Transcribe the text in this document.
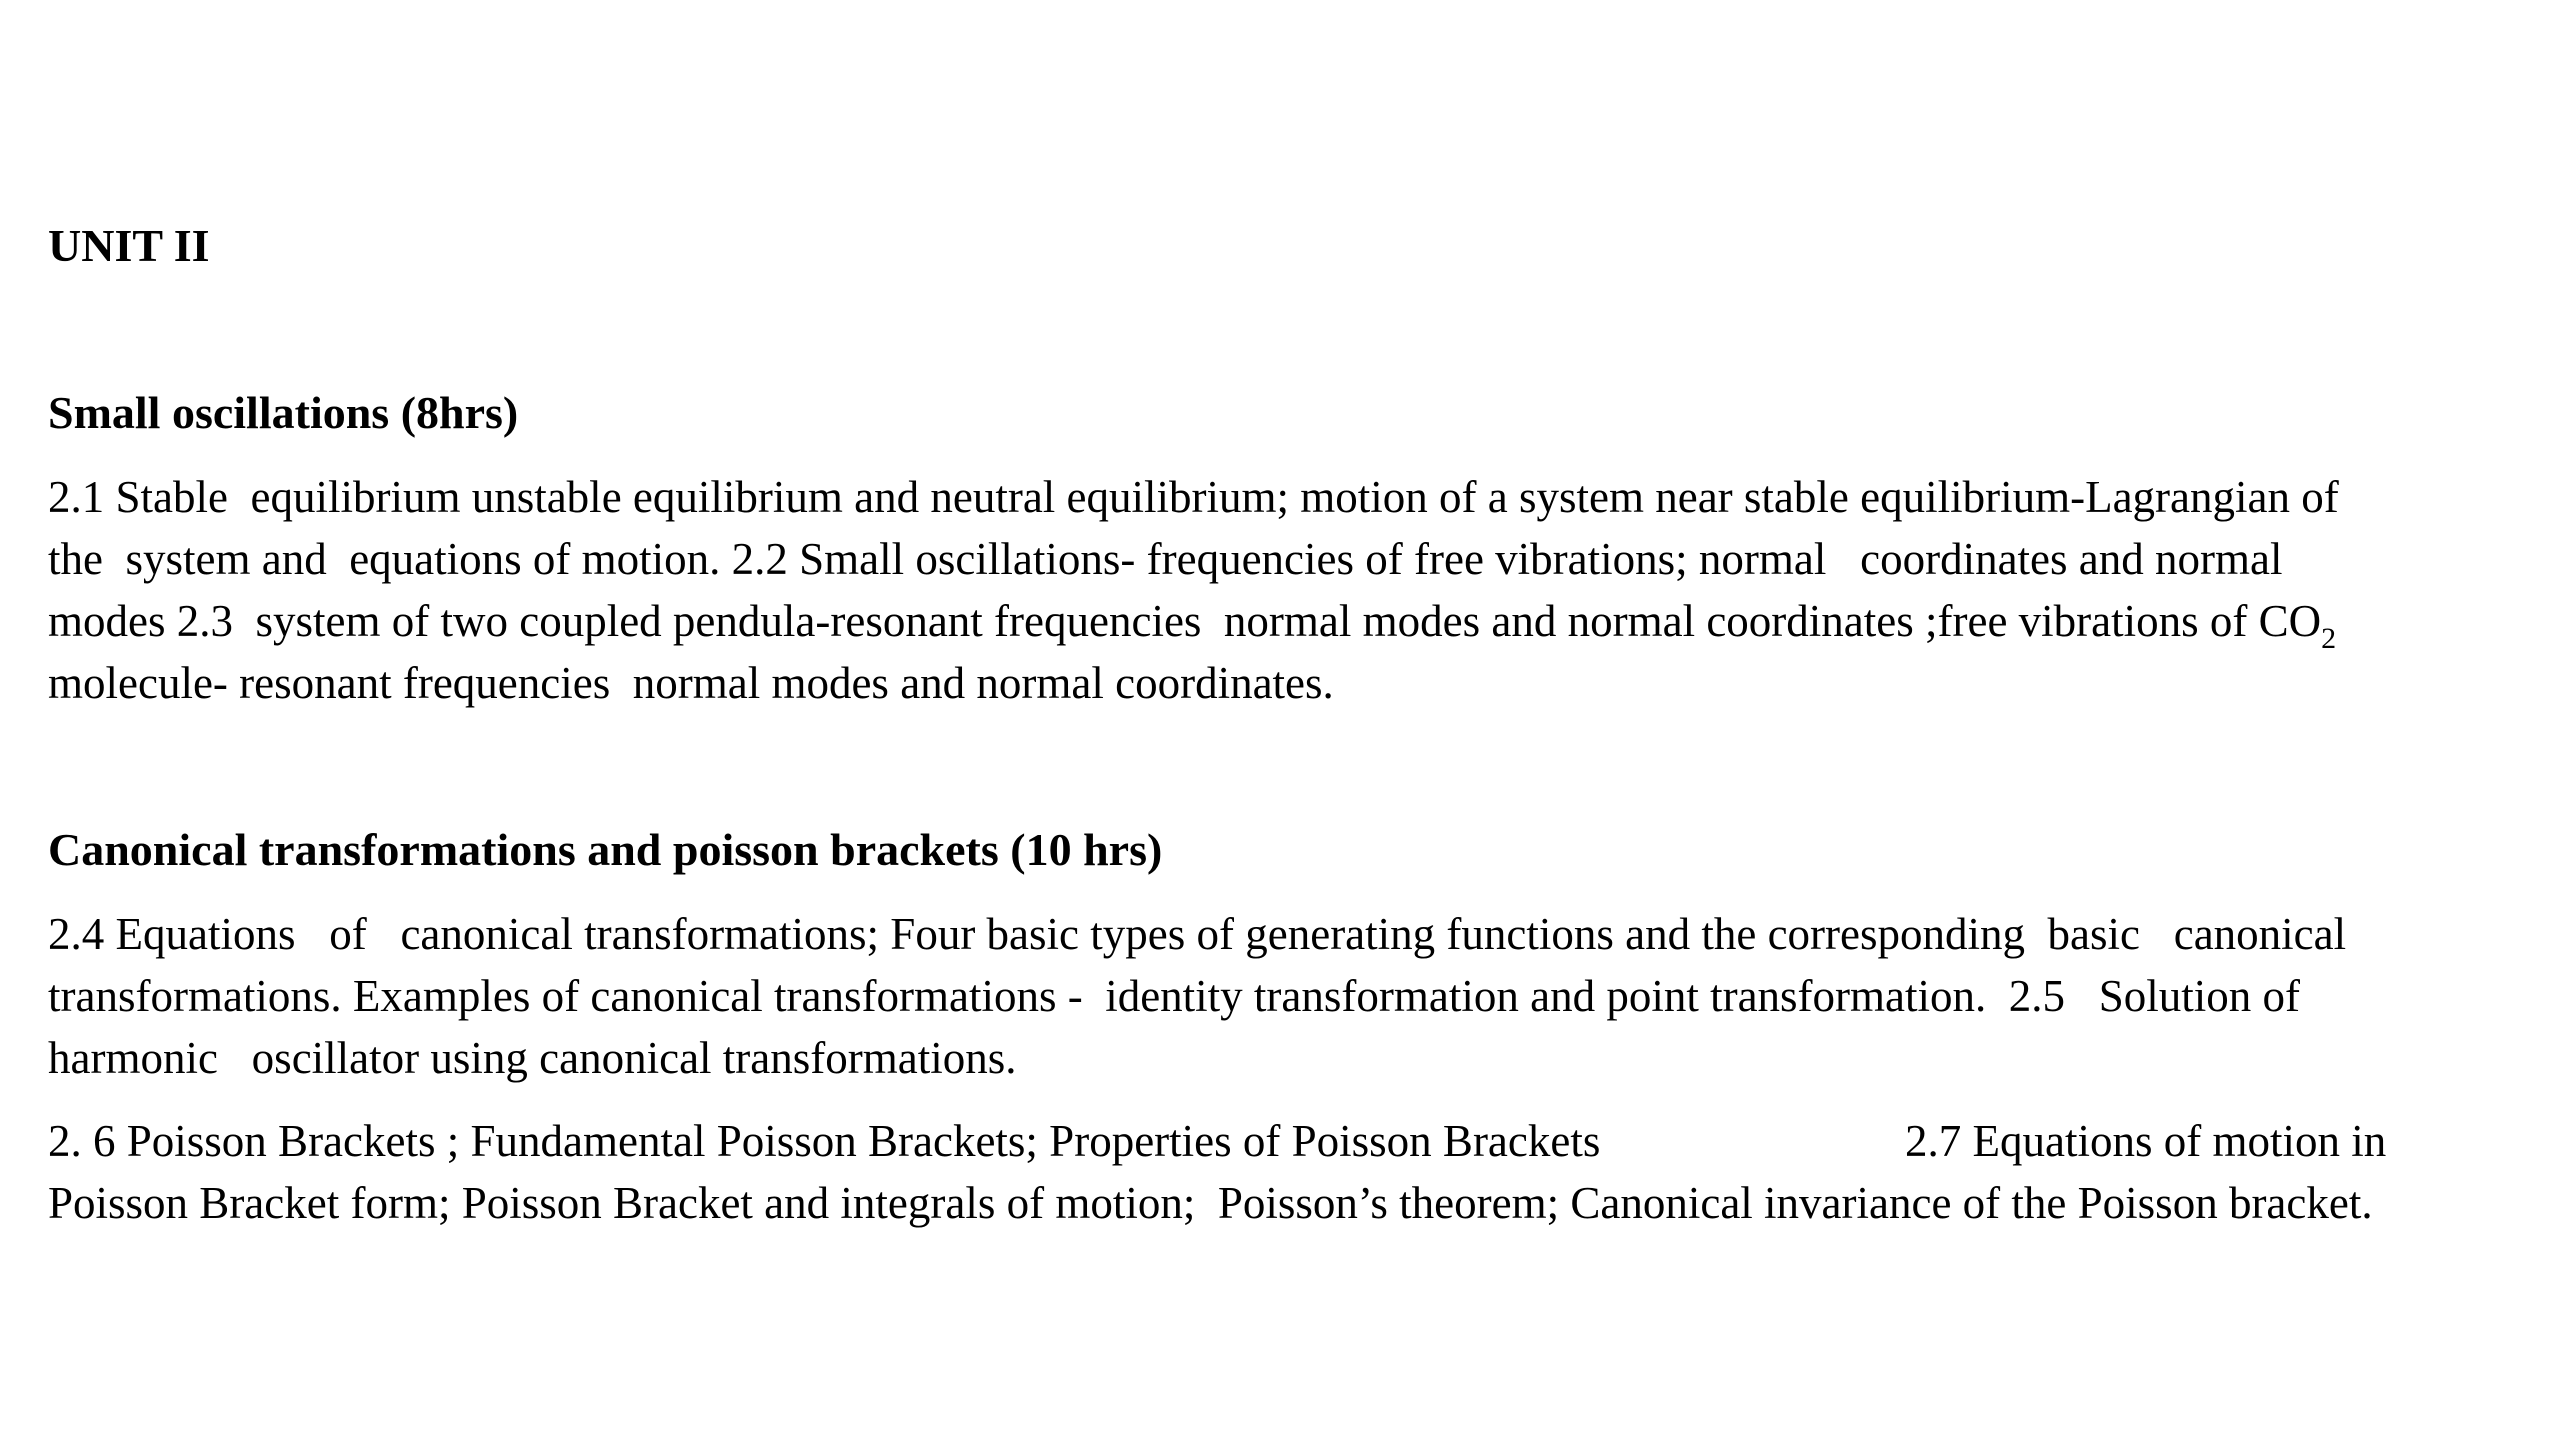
UNIT II
Small oscillations (8hrs)
2.1 Stable  equilibrium unstable equilibrium and neutral equilibrium; motion of a system near stable equilibrium-Lagrangian of
the  system and  equations of motion. 2.2 Small oscillations- frequencies of free vibrations; normal   coordinates and normal
modes 2.3  system of two coupled pendula-resonant frequencies  normal modes and normal coordinates ;free vibrations of $CO_2$
molecule- resonant frequencies  normal modes and normal coordinates.
Canonical transformations and poisson brackets (10 hrs)
2.4 Equations   of   canonical transformations; Four basic types of generating functions and the corresponding  basic   canonical
transformations. Examples of canonical transformations -  identity transformation and point transformation.  2.5   Solution of
harmonic   oscillator using canonical transformations.
2. 6 Poisson Brackets ; Fundamental Poisson Brackets; Properties of Poisson Brackets	2.7 Equations of motion in
Poisson Bracket form; Poisson Bracket and integrals of motion;  Poisson’s theorem; Canonical invariance of the Poisson bracket.
